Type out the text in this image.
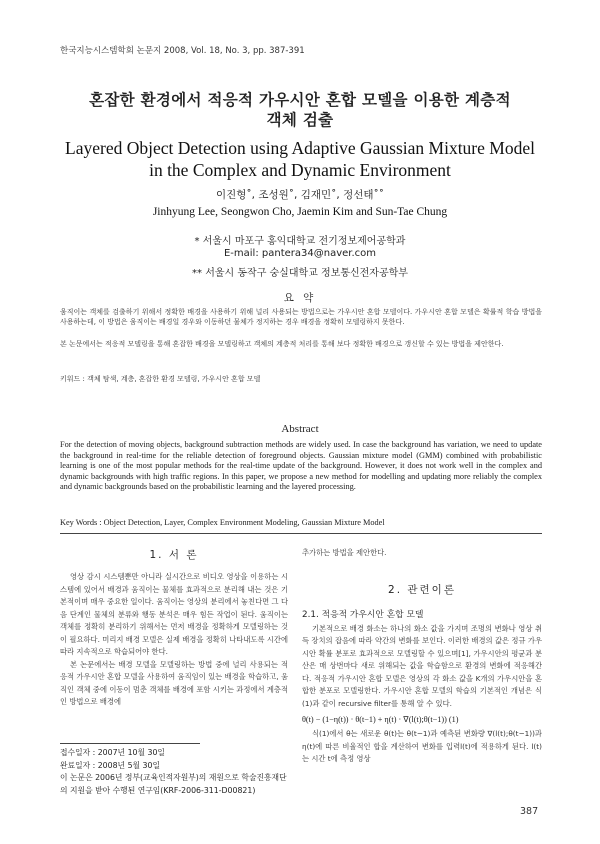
한국지능시스템학회 논문지 2008, Vol. 18, No. 3, pp. 387-391
혼잡한 환경에서 적응적 가우시안 혼합 모델을 이용한 계층적
객체 검출
Layered Object Detection using Adaptive Gaussian Mixture Model
in the Complex and Dynamic Environment
이진형˚, 조성원˚, 김재민˚, 정선태˚˚
Jinhyung Lee, Seongwon Cho, Jaemin Kim and Sun-Tae Chung
* 서울시 마포구 홍익대학교 전기정보제어공학과
E-mail: pantera34@naver.com
** 서울시 동작구 숭실대학교 정보통신전자공학부
요 약
움직이는 객체를 검출하기 위해서 정확한 배경을 사용하기 위해 널리 사용되는 방법으로는 가우시안 혼합 모델이다. 가우시안 혼합 모델은 확률적 학습 방법을 사용하는데, 이 방법은 움직이는 배경일 경우와 이동하던 물체가 정지하는 경우 배경을 정확히 모델링하지 못한다.
본 논문에서는 적응적 모델링을 통해 혼잡한 배경을 모델링하고 객체의 계층적 처리를 통해 보다 정확한 배경으로 갱신할 수 있는 방법을 제안한다.
키워드 : 객체 탐색, 계층, 혼잡한 환경 모델링, 가우시안 혼합 모델
Abstract
For the detection of moving objects, background subtraction methods are widely used. In case the background has variation, we need to update the background in real-time for the reliable detection of foreground objects. Gaussian mixture model (GMM) combined with probabilistic learning is one of the most popular methods for the real-time update of the background. However, it does not work well in the complex and dynamic backgrounds with high traffic regions. In this paper, we propose a new method for modelling and updating more reliably the complex and dynamic backgrounds based on the probabilistic learning and the layered processing.
Key Words : Object Detection, Layer, Complex Environment Modeling, Gaussian Mixture Model
1. 서 론

영상 감시 시스템뿐만 아니라 실시간으로 비디오 영상을 이용하는 시스템에 있어서 배경과 움직이는 물체를 효과적으로 분리해 내는 것은 기본적이며 매우 중요한 일이다. 움직이는 영상의 분리에서 놓친다면 그 다음 단계인 물체의 분류와 행동 분석은 매우 힘든 작업이 된다. 움직이는 객체를 정확히 분리하기 위해서는 먼저 배경을 정확하게 모델링하는 것이 필요하다. 미리지 배경 모델은 실제 배경을 정확히 나타내도록 시간에 따라 지속적으로 학습되어야 한다.

본 논문에서는 배경 모델을 모델링하는 방법 중에 널리 사용되는 적응적 가우시안 혼합 모델을 사용하여 움직임이 있는 배경을 학습하고, 움직인 객체 중에 이동이 멈춘 객체를 배경에 포함 시키는 과정에서 계층적인 방법으로 배경에

접수일자 : 2007년 10월 30일
완료일자 : 2008년 5월 30일
이 논문은 2006년 정부(교육인적자원부)의 재원으로 학술진흥재단의 지원을 받아 수행된 연구임(KRF-2006-311-D00821)

추가하는 방법을 제안한다.

2. 관련이론
2.1. 적응적 가우시안 혼합 모델

기본적으로 배경 화소는 하나의 화소 값을 가지며 조명의 변화나 영상 취득 장치의 잡음에 따라 약간의 변화를 보인다. 이러한 배경의 값은 정규 가우시안 확률 분포로 효과적으로 모델링할 수 있으며[1], 가우시안의 평균과 분산은 매 상번마다 새로 위해되는 값을 학습함으로 환경의 변화에 적응해간다. 적응적 가우시안 혼합 모델은 영상의 각 화소 값을 K개의 가우시안을 혼합한 분포로 모델링한다. 가우시안 혼합 모델의 학습의 기본적인 개념은 식(1)과 같이 recursive filter를 통해 알 수 있다.

θ(t) − (1−η(t)) · θ(t−1) + η(t) · ∇(l(t);θ(t−1)) (1)

식(1)에서 θ는 새로운 θ(t)는 θ(t−1)과 예측된 변화량 ∇(l(t);θ(t−1))과 η(t)에 따른 비율적인 합을 계산하여 변화를 입력l(t)에 적용하게 된다. l(t)는 시간 t에 측정 영상

387
